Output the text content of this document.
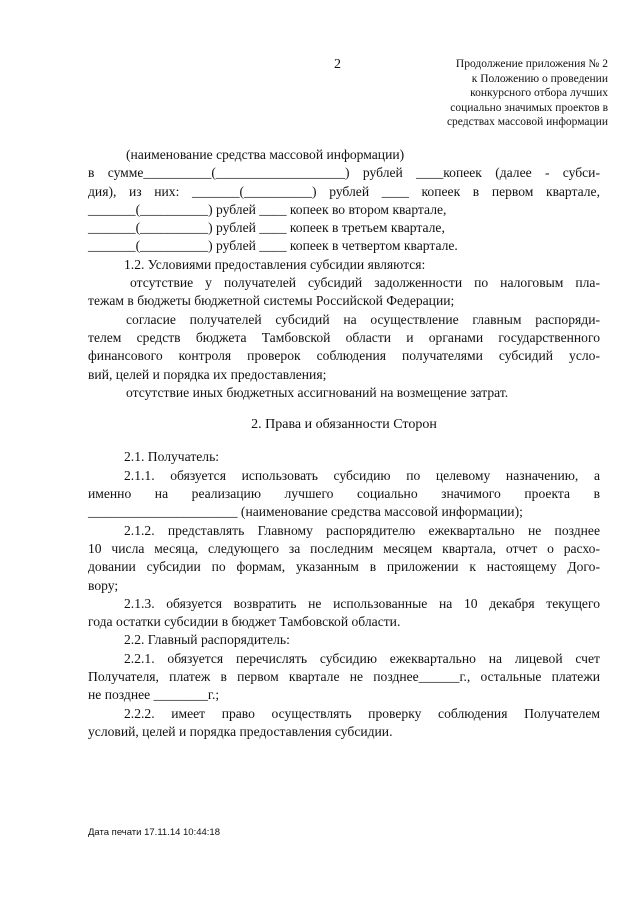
2	Продолжение приложения № 2
к Положению о проведении
конкурсного отбора лучших
социально значимых проектов в
средствах массовой информации
(наименование средства массовой информации)
в сумме__________(___________________) рублей ____копеек (далее - субси-
дия), из них: _______(__________) рублей ____ копеек в первом квартале,
_______(__________) рублей ____ копеек во втором квартале,
_______(__________) рублей ____ копеек в третьем квартале,
_______(__________) рублей ____ копеек в четвертом квартале.
1.2. Условиями предоставления субсидии являются:
отсутствие у получателей субсидий задолженности по налоговым пла-
тежам в бюджеты бюджетной системы Российской Федерации;
согласие получателей субсидий на осуществление главным распоряди-
телем средств бюджета Тамбовской области и органами государственного
финансового контроля проверок соблюдения получателями субсидий усло-
вий, целей и порядка их предоставления;
отсутствие иных бюджетных ассигнований на возмещение затрат.
2. Права и обязанности Сторон
2.1. Получатель:
2.1.1. обязуется использовать субсидию по целевому назначению, а
именно на реализацию лучшего социально значимого проекта в
______________________ (наименование средства массовой информации);
2.1.2. представлять Главному распорядителю ежеквартально не позднее
10 числа месяца, следующего за последним месяцем квартала, отчет о расхо-
довании субсидии по формам, указанным в приложении к настоящему Дого-
вору;
2.1.3. обязуется возвратить не использованные на 10 декабря текущего
года остатки субсидии в бюджет Тамбовской области.
2.2. Главный распорядитель:
2.2.1. обязуется перечислять субсидию ежеквартально на лицевой счет
Получателя, платеж в первом квартале не позднее______г., остальные платежи
не позднее ________г.;
2.2.2. имеет право осуществлять проверку соблюдения Получателем
условий, целей и порядка предоставления субсидии.
Дата печати 17.11.14 10:44:18
